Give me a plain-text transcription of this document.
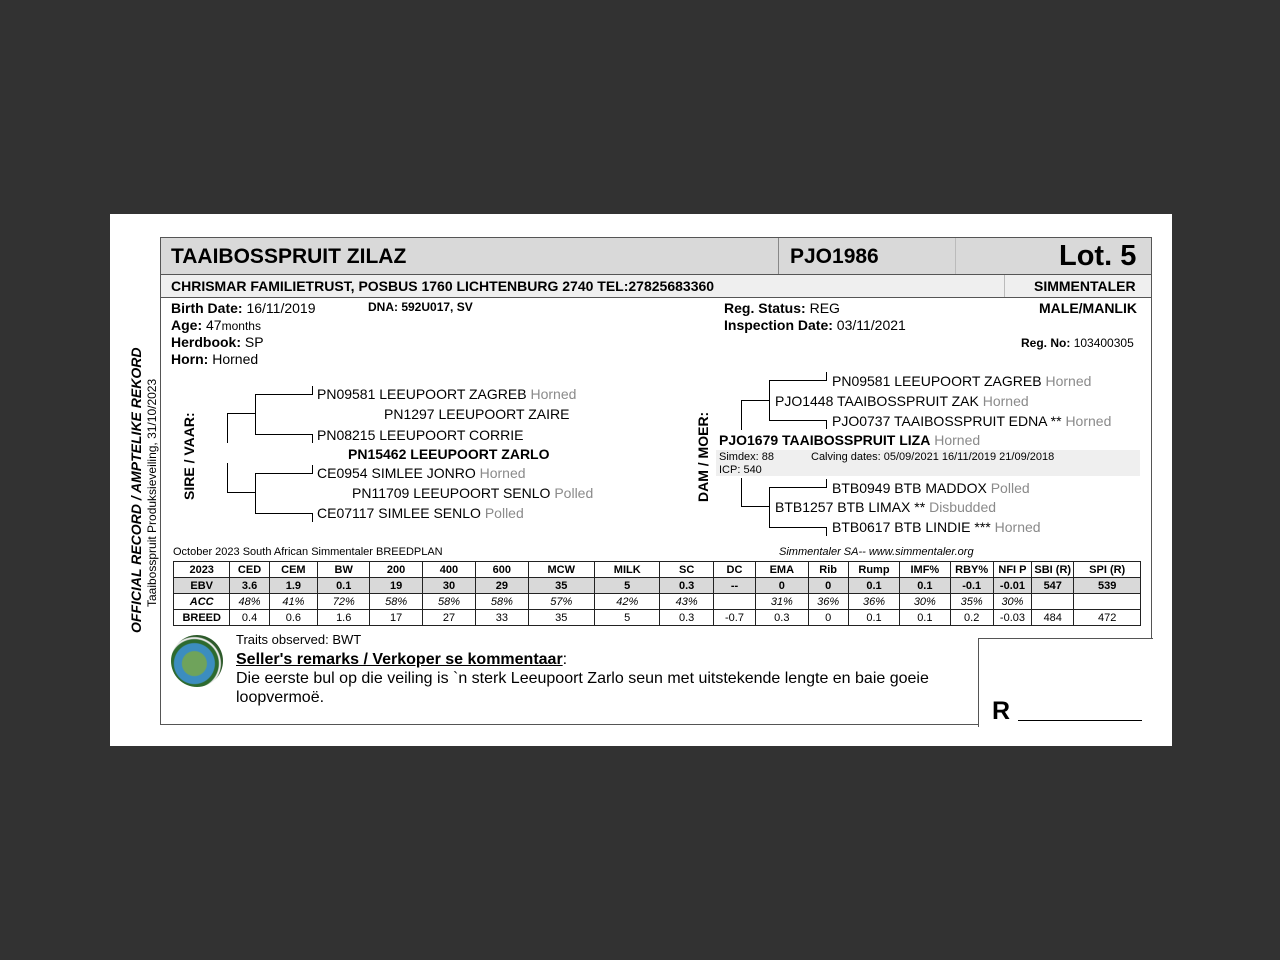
OFFICIAL RECORD / AMPTELIKE REKORD Taaibosspruit Produksieveiling, 31/10/2023
TAAIBOSSPRUIT ZILAZ	PJO1986	Lot. 5
CHRISMAR FAMILIETRUST, POSBUS 1760 LICHTENBURG 2740 TEL:27825683360	SIMMENTALER
Birth Date: 16/11/2019	DNA: 592U017, SV
Age: 47months
Herdbook: SP
Horn: Horned
Reg. Status: REG
Inspection Date: 03/11/2021
MALE/MANLIK
Reg. No: 103400305
SIRE / VAAR:
PN09581 LEEUPOORT ZAGREB Horned
PN1297 LEEUPOORT ZAIRE
PN08215 LEEUPOORT CORRIE
PN15462 LEEUPOORT ZARLO
CE0954 SIMLEE JONRO Horned
PN11709 LEEUPOORT SENLO Polled
CE07117 SIMLEE SENLO Polled
DAM / MOER:
PN09581 LEEUPOORT ZAGREB Horned
PJO1448 TAAIBOSSPRUIT ZAK Horned
PJO0737 TAAIBOSSPRUIT EDNA ** Horned
PJO1679 TAAIBOSSPRUIT LIZA Horned
Simdex: 88	Calving dates: 05/09/2021 16/11/2019 21/09/2018
ICP: 540
BTB0949 BTB MADDOX Polled
BTB1257 BTB LIMAX ** Disbudded
BTB0617 BTB LINDIE *** Horned
October 2023 South African Simmentaler BREEDPLAN	Simmentaler SA-- www.simmentaler.org
2023	CED	CEM	BW	200	400	600	MCW	MILK	SC	DC	EMA	Rib	Rump	IMF%	RBY%	NFI P	SBI (R)	SPI (R)
EBV	3.6	1.9	0.1	19	30	29	35	5	0.3	--	0	0	0.1	0.1	-0.1	-0.01	547	539
ACC	48%	41%	72%	58%	58%	58%	57%	42%	43%		31%	36%	36%	30%	35%	30%		
BREED	0.4	0.6	1.6	17	27	33	35	5	0.3	-0.7	0.3	0	0.1	0.1	0.2	-0.03	484	472
Traits observed: BWT
Seller's remarks / Verkoper se kommentaar:
Die eerste bul op die veiling is `n sterk Leeupoort Zarlo seun met uitstekende lengte en baie goeie
loopvermoë.	R
